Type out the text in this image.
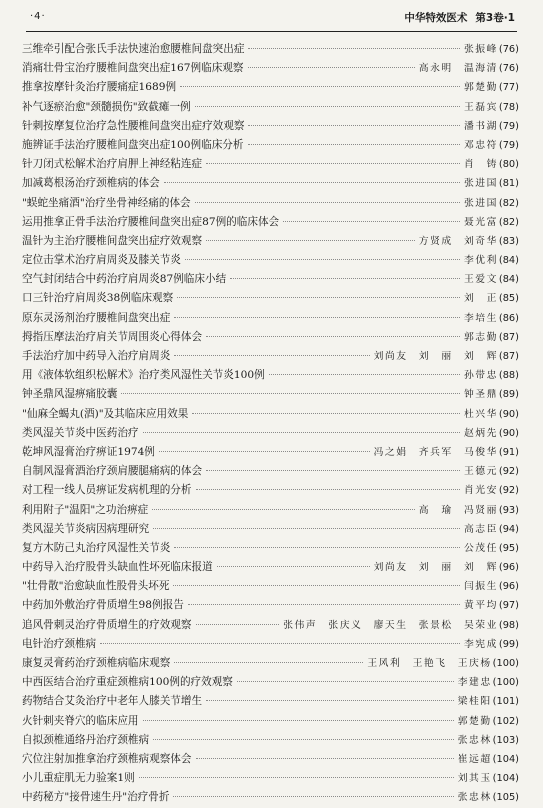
·4·	中华特效医术 第3卷·1
三维牵引配合张氏手法快速治愈腰椎间盘突出症	张振峰 (76)
消痛壮骨宝治疗腰椎间盘突出症167例临床观察	高永明　温海清 (76)
推拿按摩针灸治疗腰痛症1689例	郭楚勤 (77)
补气逐瘀治愈"颈髓损伤"致截瘫一例	王磊宾 (78)
针刺按摩复位治疗急性腰椎间盘突出症疗效观察	潘书湖 (79)
施辨证手法治疗腰椎间盘突出症100例临床分析	邓忠符 (79)
针刀闭式松解术治疗肩胛上神经粘连症	肖　铸 (80)
加减葛根汤治疗颈椎病的体会	张进国 (81)
"蜈蛇坐痛酒"治疗坐骨神经痛的体会	张进国 (82)
运用推拿正骨手法治疗腰椎间盘突出症87例的临床体会	聂光富 (82)
温针为主治疗腰椎间盘突出症疗效观察	方贤成　刘奇华 (83)
定位击掌术治疗肩周炎及膝关节炎	李优利 (84)
空气封闭结合中药治疗肩周炎87例临床小结	王爱文 (84)
口三针治疗肩周炎38例临床观察	刘　正 (85)
原东灵汤剂治疗腰椎间盘突出症	李培生 (86)
拇指压摩法治疗肩关节周围炎心得体会	郭志勤 (87)
手法治疗加中药导入治疗肩周炎	刘尚友　刘　丽　刘　辉 (87)
用《液体软组织松解术》治疗类风湿性关节炎100例	孙带忠 (88)
钟圣鼎风湿痹痛胶囊	钟圣鼎 (89)
"仙麻全蝎丸(酒)"及其临床应用效果	杜兴华 (90)
类风湿关节炎中医药治疗	赵炳先 (90)
乾坤风湿膏治疗痹证1974例	冯之娟　齐兵军　马俊华 (91)
自制风湿膏酒治疗颈肩腰腿痛病的体会	王德元 (92)
对工程一线人员痹证发病机理的分析	肖光安 (92)
利用附子"温阳"之功治痹症	高　瑜　冯贤丽 (93)
类风湿关节炎病因病理研究	高志臣 (94)
复方木防己丸治疗风湿性关节炎	公茂任 (95)
中药导入治疗股骨头缺血性坏死临床报道	刘尚友　刘　丽　刘　辉 (96)
"壮骨散"治愈缺血性股骨头坏死	闫振生 (96)
中药加外敷治疗骨质增生98例报告	黄平均 (97)
追风骨刺灵治疗骨质增生的疗效观察	张伟声　张庆义　廖天生　张景松　吴荣业 (98)
电针治疗颈椎病	李宪成 (99)
康复灵膏药治疗颈椎病临床观察	王风利　王艳飞　王庆杨 (100)
中西医结合治疗重症颈椎病100例的疗效观察	李建忠 (100)
药物结合艾灸治疗中老年人膝关节增生	梁桂阳 (101)
火针刺夹脊穴的临床应用	郭楚勤 (102)
自拟颈椎通络丹治疗颈椎病	张忠林 (103)
穴位注射加推拿治疗颈椎病观察体会	崔远超 (104)
小儿重症肌无力验案1则	刘其玉 (104)
中药秘方"接骨速生丹"治疗骨折	张忠林 (105)
